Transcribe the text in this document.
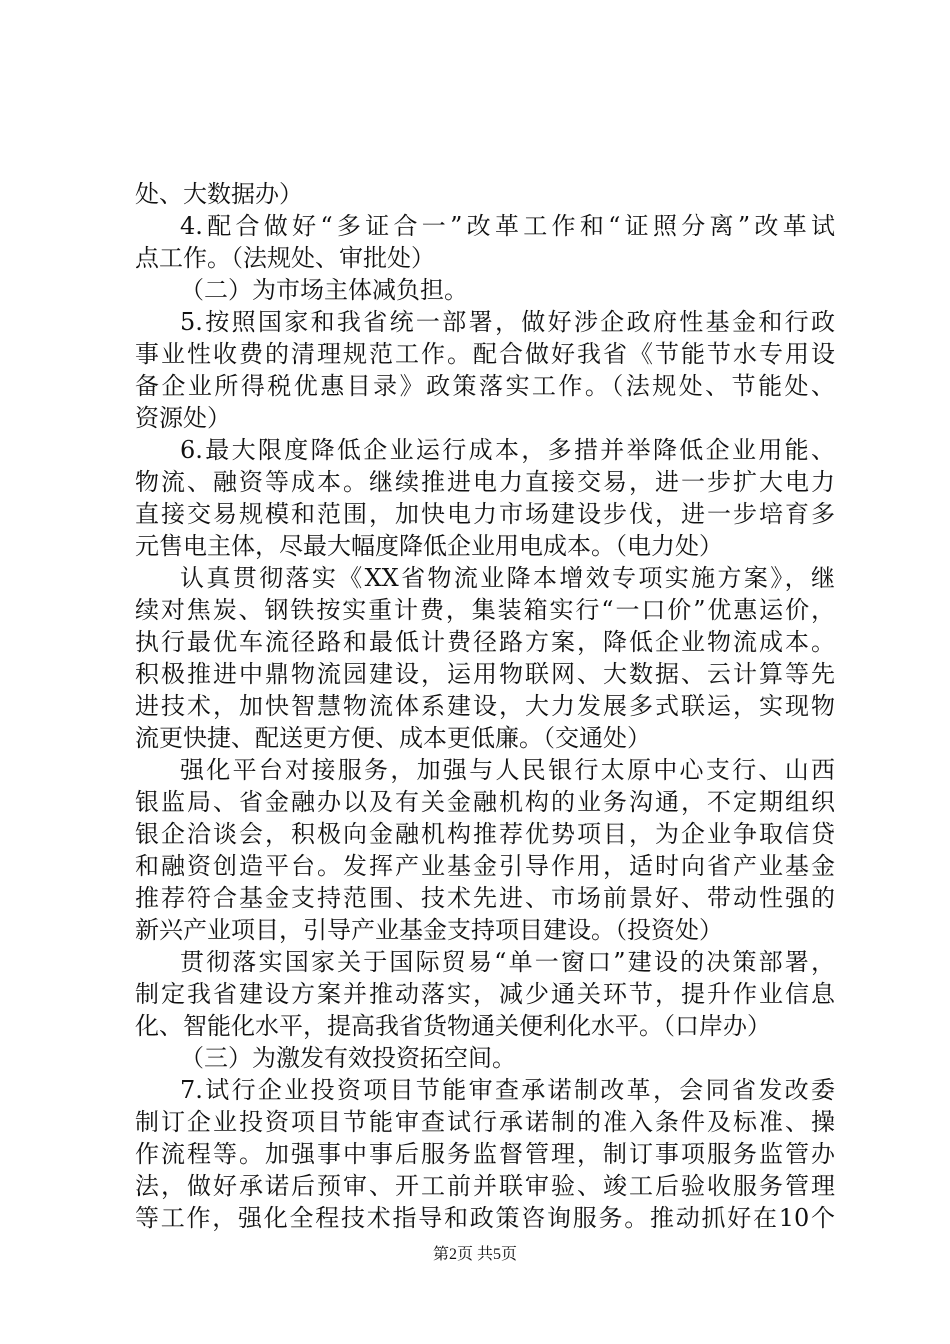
处、大数据办）
4.配合做好“多证合一”改革工作和“证照分离”改革试
点工作。（法规处、审批处）
（二）为市场主体减负担。
5.按照国家和我省统一部署，做好涉企政府性基金和行政
事业性收费的清理规范工作。配合做好我省《节能节水专用设
备企业所得税优惠目录》政策落实工作。（法规处、节能处、
资源处）
6.最大限度降低企业运行成本，多措并举降低企业用能、
物流、融资等成本。继续推进电力直接交易，进一步扩大电力
直接交易规模和范围，加快电力市场建设步伐，进一步培育多
元售电主体，尽最大幅度降低企业用电成本。（电力处）
认真贯彻落实《XX省物流业降本增效专项实施方案》，继
续对焦炭、钢铁按实重计费，集装箱实行“一口价”优惠运价，
执行最优车流径路和最低计费径路方案，降低企业物流成本。
积极推进中鼎物流园建设，运用物联网、大数据、云计算等先
进技术，加快智慧物流体系建设，大力发展多式联运，实现物
流更快捷、配送更方便、成本更低廉。（交通处）
强化平台对接服务，加强与人民银行太原中心支行、山西
银监局、省金融办以及有关金融机构的业务沟通，不定期组织
银企洽谈会，积极向金融机构推荐优势项目，为企业争取信贷
和融资创造平台。发挥产业基金引导作用，适时向省产业基金
推荐符合基金支持范围、技术先进、市场前景好、带动性强的
新兴产业项目，引导产业基金支持项目建设。（投资处）
贯彻落实国家关于国际贸易“单一窗口”建设的决策部署，
制定我省建设方案并推动落实，减少通关环节，提升作业信息
化、智能化水平，提高我省货物通关便利化水平。（口岸办）
（三）为激发有效投资拓空间。
7.试行企业投资项目节能审查承诺制改革，会同省发改委
制订企业投资项目节能审查试行承诺制的准入条件及标准、操
作流程等。加强事中事后服务监督管理，制订事项服务监管办
法，做好承诺后预审、开工前并联审验、竣工后验收服务管理
等工作，强化全程技术指导和政策咨询服务。推动抓好在10个
第2页 共5页
